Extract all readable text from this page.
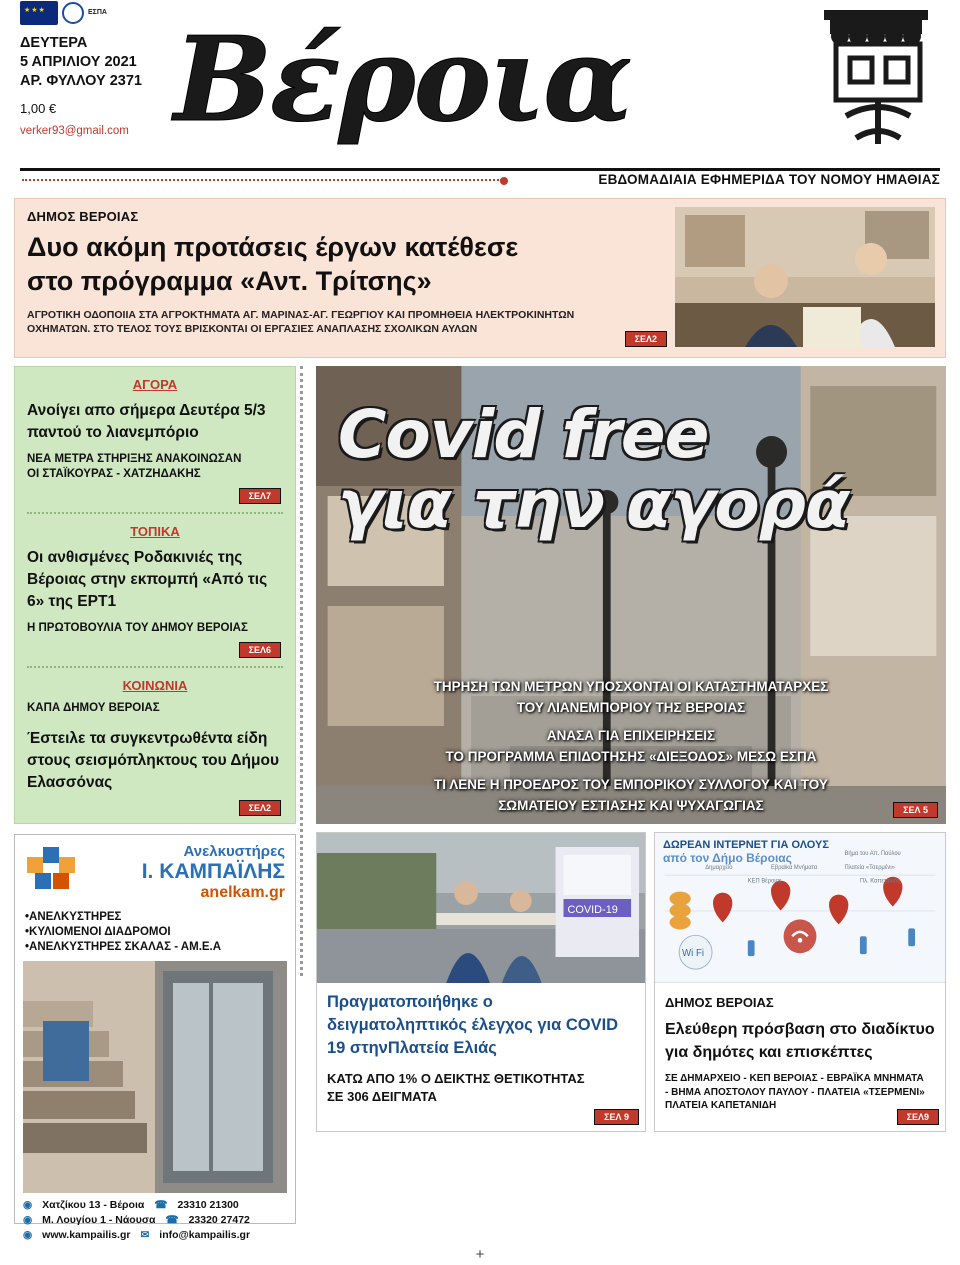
★★★
ΕΣΠΑ
ΔΕΥΤΕΡΑ
5 ΑΠΡΙΛΙΟΥ 2021
ΑΡ. ΦΥΛΛΟΥ 2371
1,00 €
verker93@gmail.com Βέροια
ΕΒΔΟΜΑΔΙΑΙΑ ΕΦΗΜΕΡΙΔΑ ΤΟΥ ΝΟΜΟΥ ΗΜΑΘΙΑΣ
ΔΗΜΟΣ ΒΕΡΟΙΑΣ
Δυο ακόμη προτάσεις έργων κατέθεσε
στο πρόγραμμα «Αντ. Τρίτσης»
ΑΓΡΟΤΙΚΗ ΟΔΟΠΟΙΙΑ ΣΤΑ ΑΓΡΟΚΤΗΜΑΤΑ ΑΓ. ΜΑΡΙΝΑΣ-ΑΓ. ΓΕΩΡΓΙΟΥ ΚΑΙ ΠΡΟΜΗΘΕΙΑ ΗΛΕΚΤΡΟΚΙΝΗΤΩΝ
ΟΧΗΜΑΤΩΝ. ΣΤΟ ΤΕΛΟΣ ΤΟΥΣ ΒΡΙΣΚΟΝΤΑΙ ΟΙ ΕΡΓΑΣΙΕΣ ΑΝΑΠΛΑΣΗΣ ΣΧΟΛΙΚΩΝ ΑΥΛΩΝ
ΣΕΛ2
ΑΓΟΡΑ
Ανοίγει απο σήμερα Δευτέρα 5/3 παντού το λιανεμπόριο
ΝΕΑ ΜΕΤΡΑ ΣΤΗΡΙΞΗΣ ΑΝΑΚΟΙΝΩΣΑΝ
ΟΙ ΣΤΑΪΚΟΥΡΑΣ - ΧΑΤΖΗΔΑΚΗΣ
ΣΕΛ7
ΤΟΠΙΚΑ
Οι ανθισμένες Ροδακινιές της Βέροιας στην εκπομπή «Από τις 6» της ΕΡΤ1
Η ΠΡΩΤΟΒΟΥΛΙΑ ΤΟΥ ΔΗΜΟΥ ΒΕΡΟΙΑΣ
ΣΕΛ6
ΚΟΙΝΩΝΙΑ
ΚΑΠΑ ΔΗΜΟΥ ΒΕΡΟΙΑΣ
Έστειλε τα συγκεντρωθέντα είδη στους σεισμόπληκτους του Δήμου Ελασσόνας
ΣΕΛ2
Ανελκυστήρες
Ι. ΚΑΜΠΑΪΛΗΣ
anelkam.gr
•ΑΝΕΛΚΥΣΤΗΡΕΣ
•ΚΥΛΙΟΜΕΝΟΙ ΔΙΑΔΡΟΜΟΙ
•ΑΝΕΛΚΥΣΤΗΡΕΣ ΣΚΑΛΑΣ - ΑΜ.Ε.Α
◉ Χατζίκου 13 - Βέροια ☎ 23310 21300
◉ Μ. Λουγίου 1 - Νάουσα ☎ 23320 27472
◉ www.kampailis.gr ✉ info@kampailis.gr
Covid free
για την αγορά
ΤΗΡΗΣΗ ΤΩΝ ΜΕΤΡΩΝ ΥΠΟΣΧΟΝΤΑΙ ΟΙ ΚΑΤΑΣΤΗΜΑΤΑΡΧΕΣ
ΤΟΥ ΛΙΑΝΕΜΠΟΡΙΟΥ ΤΗΣ ΒΕΡΟΙΑΣ
ΑΝΑΣΑ ΓΙΑ ΕΠΙΧΕΙΡΗΣΕΙΣ
ΤΟ ΠΡΟΓΡΑΜΜΑ ΕΠΙΔΟΤΗΣΗΣ «ΔΙΕΞΟΔΟΣ» ΜΕΣΩ ΕΣΠΑ
ΤΙ ΛΕΝΕ Η ΠΡΟΕΔΡΟΣ ΤΟΥ ΕΜΠΟΡΙΚΟΥ ΣΥΛΛΟΓΟΥ ΚΑΙ ΤΟΥ
ΣΩΜΑΤΕΙΟΥ ΕΣΤΙΑΣΗΣ ΚΑΙ ΨΥΧΑΓΩΓΙΑΣ	ΣΕΛ 5
COVID-19
Πραγματοποιήθηκε ο δειγματοληπτικός έλεγχος για COVID 19 στηνΠλατεία Ελιάς
ΚΑΤΩ ΑΠΟ 1% Ο ΔΕΙΚΤΗΣ ΘΕΤΙΚΟΤΗΤΑΣ
ΣΕ 306 ΔΕΙΓΜΑΤΑ
ΣΕΛ 9
ΔΩΡΕΑΝ ΙΝΤΕΡΝΕΤ ΓΙΑ ΟΛΟΥΣ
από τον Δήμο Βέροιας	Βήμα του Απ. Παύλου
Πλατεία «Τσερμένι»
Πλ. Καπετανίδη
Εβραϊκά Μνήματα
ΚΕΠ Βέροιας
Δημαρχείο
Wi Fi
ΔΗΜΟΣ ΒΕΡΟΙΑΣ
Ελεύθερη πρόσβαση στο διαδίκτυο για δημότες και επισκέπτες
ΣΕ ΔΗΜΑΡΧΕΙΟ - ΚΕΠ ΒΕΡΟΙΑΣ - ΕΒΡΑΪΚΑ ΜΝΗΜΑΤΑ
- ΒΗΜΑ ΑΠΟΣΤΟΛΟΥ ΠΑΥΛΟΥ - ΠΛΑΤΕΙΑ «ΤΣΕΡΜΕΝΙ»
ΠΛΑΤΕΙΑ ΚΑΠΕΤΑΝΙΔΗ
ΣΕΛ9
+
